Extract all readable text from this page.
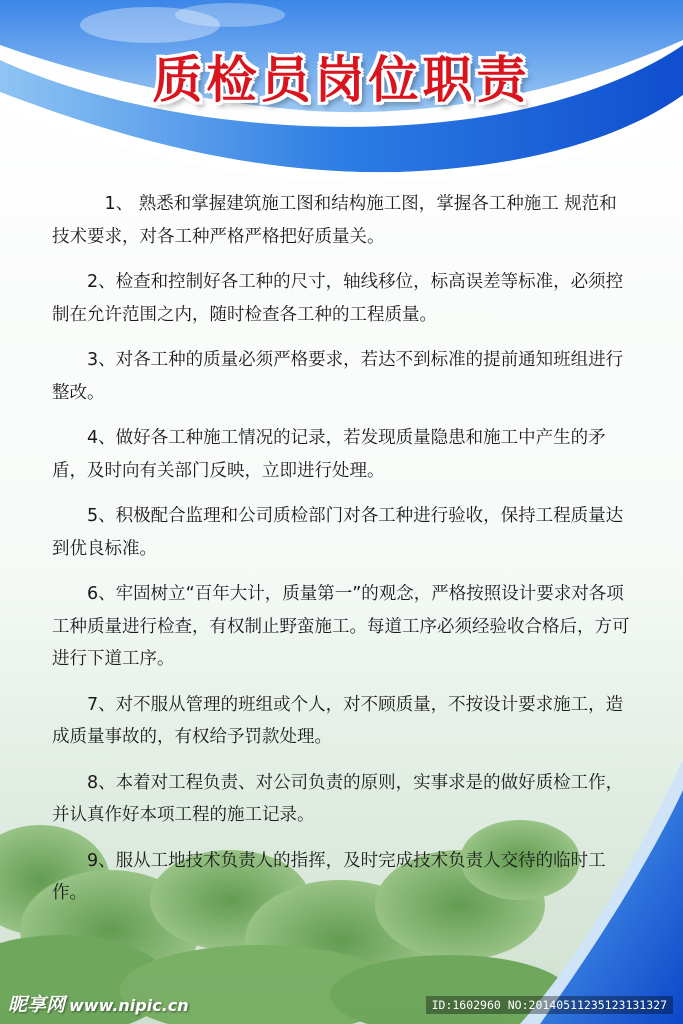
质检员岗位职责

1、 熟悉和掌握建筑施工图和结构施工图，掌握各工种施工 规范和技术要求，对各工种严格严格把好质量关。

2、检查和控制好各工种的尺寸，轴线移位，标高误差等标准，必须控制在允许范围之内，随时检查各工种的工程质量。

3、对各工种的质量必须严格要求，若达不到标准的提前通知班组进行整改。

4、做好各工种施工情况的记录，若发现质量隐患和施工中产生的矛盾，及时向有关部门反映，立即进行处理。

5、积极配合监理和公司质检部门对各工种进行验收，保持工程质量达到优良标准。

6、牢固树立“百年大计，质量第一”的观念，严格按照设计要求对各项工种质量进行检查，有权制止野蛮施工。每道工序必须经验收合格后，方可进行下道工序。

7、对不服从管理的班组或个人，对不顾质量，不按设计要求施工，造成质量事故的，有权给予罚款处理。

8、本着对工程负责、对公司负责的原则，实事求是的做好质检工作，并认真作好本项工程的施工记录。

9、服从工地技术负责人的指挥，及时完成技术负责人交待的临时工作。

昵享网 www.nipic.cn	ID:1602960 NO:20140511235123131327
